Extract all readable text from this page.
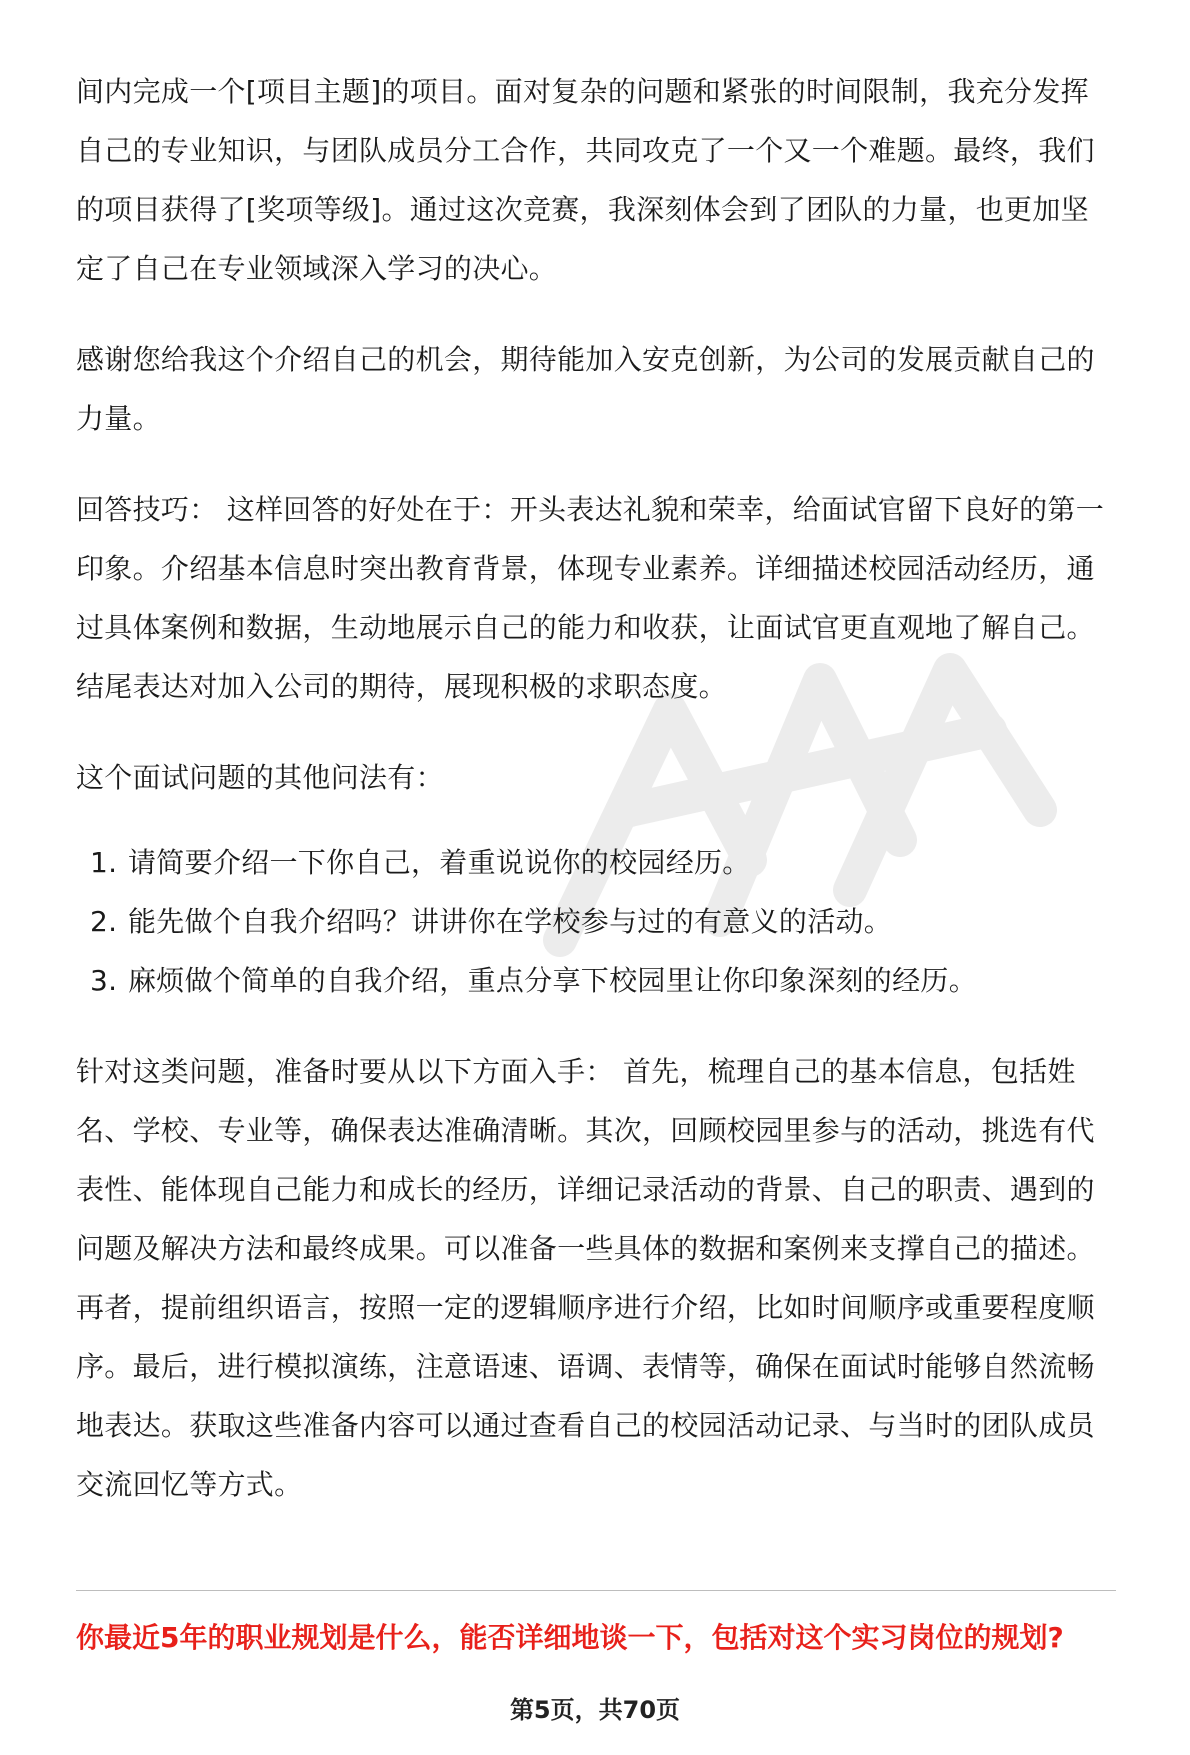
间内完成一个[项目主题]的项目。面对复杂的问题和紧张的时间限制，我充分发挥自己的专业知识，与团队成员分工合作，共同攻克了一个又一个难题。最终，我们的项目获得了[奖项等级]。通过这次竞赛，我深刻体会到了团队的力量，也更加坚定了自己在专业领域深入学习的决心。

感谢您给我这个介绍自己的机会，期待能加入安克创新，为公司的发展贡献自己的力量。

回答技巧： 这样回答的好处在于：开头表达礼貌和荣幸，给面试官留下良好的第一印象。介绍基本信息时突出教育背景，体现专业素养。详细描述校园活动经历，通过具体案例和数据，生动地展示自己的能力和收获，让面试官更直观地了解自己。结尾表达对加入公司的期待，展现积极的求职态度。

这个面试问题的其他问法有：

1. 请简要介绍一下你自己，着重说说你的校园经历。
2. 能先做个自我介绍吗？讲讲你在学校参与过的有意义的活动。
3. 麻烦做个简单的自我介绍，重点分享下校园里让你印象深刻的经历。

针对这类问题，准备时要从以下方面入手： 首先，梳理自己的基本信息，包括姓名、学校、专业等，确保表达准确清晰。其次，回顾校园里参与的活动，挑选有代表性、能体现自己能力和成长的经历，详细记录活动的背景、自己的职责、遇到的问题及解决方法和最终成果。可以准备一些具体的数据和案例来支撑自己的描述。再者，提前组织语言，按照一定的逻辑顺序进行介绍，比如时间顺序或重要程度顺序。最后，进行模拟演练，注意语速、语调、表情等，确保在面试时能够自然流畅地表达。获取这些准备内容可以通过查看自己的校园活动记录、与当时的团队成员交流回忆等方式。

你最近5年的职业规划是什么，能否详细地谈一下，包括对这个实习岗位的规划?
第5页，共70页
